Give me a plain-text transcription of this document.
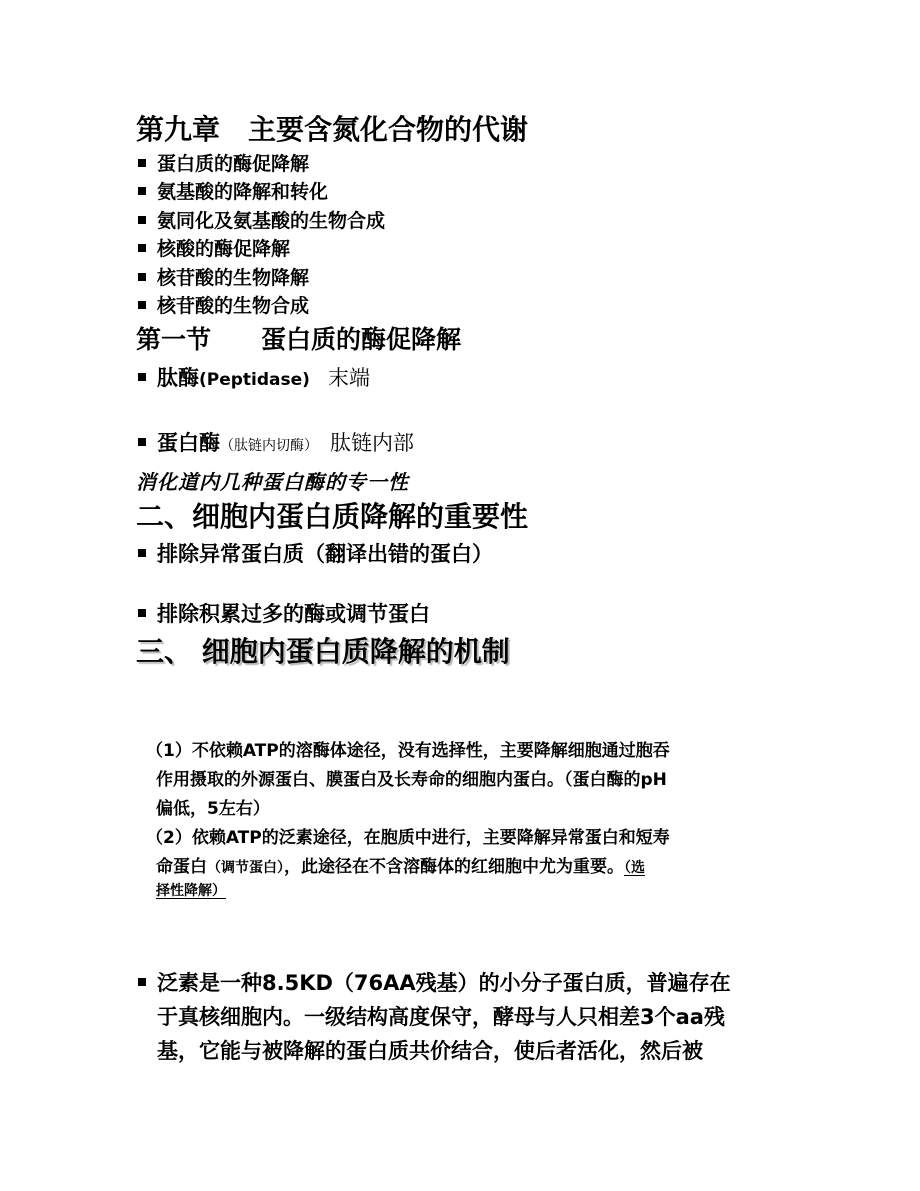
第九章　主要含氮化合物的代谢
蛋白质的酶促降解
氨基酸的降解和转化
氨同化及氨基酸的生物合成
核酸的酶促降解
核苷酸的生物降解
核苷酸的生物合成
第一节　　蛋白质的酶促降解
肽酶(Peptidase) 末端
蛋白酶（肽链内切酶） 肽链内部
消化道内几种蛋白酶的专一性
二、细胞内蛋白质降解的重要性
排除异常蛋白质（翻译出错的蛋白）
排除积累过多的酶或调节蛋白
三、 细胞内蛋白质降解的机制
（1）不依赖ATP的溶酶体途径，没有选择性，主要降解细胞通过胞吞
作用摄取的外源蛋白、膜蛋白及长寿命的细胞内蛋白。（蛋白酶的pH
偏低，5左右）
（2）依赖ATP的泛素途径，在胞质中进行，主要降解异常蛋白和短寿
命蛋白（调节蛋白），此途径在不含溶酶体的红细胞中尤为重要。（选
择性降解）
泛素是一种8.5KD（76AA残基）的小分子蛋白质，普遍存在
于真核细胞内。一级结构高度保守，酵母与人只相差3个aa残
基，它能与被降解的蛋白质共价结合，使后者活化，然后被
